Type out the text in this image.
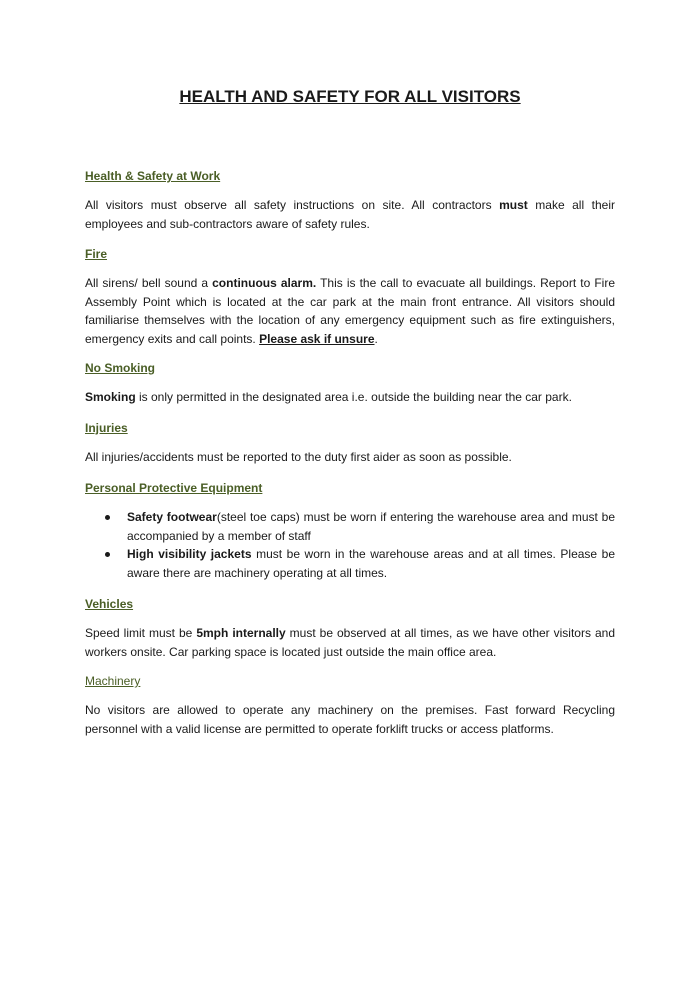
HEALTH AND SAFETY FOR ALL VISITORS
Health & Safety at Work

All visitors must observe all safety instructions on site. All contractors must make all their employees and sub-contractors aware of safety rules.

Fire

All sirens/ bell sound a continuous alarm. This is the call to evacuate all buildings. Report to Fire Assembly Point which is located at the car park at the main front entrance. All visitors should familiarise themselves with the location of any emergency equipment such as fire extinguishers, emergency exits and call points. Please ask if unsure.

No Smoking

Smoking is only permitted in the designated area i.e. outside the building near the car park.

Injuries

All injuries/accidents must be reported to the duty first aider as soon as possible.

Personal Protective Equipment
Safety footwear(steel toe caps) must be worn if entering the warehouse area and must be accompanied by a member of staff
High visibility jackets must be worn in the warehouse areas and at all times. Please be aware there are machinery operating at all times.
Vehicles

Speed limit must be 5mph internally must be observed at all times, as we have other visitors and workers onsite. Car parking space is located just outside the main office area.

Machinery

No visitors are allowed to operate any machinery on the premises. Fast forward Recycling personnel with a valid license are permitted to operate forklift trucks or access platforms.
